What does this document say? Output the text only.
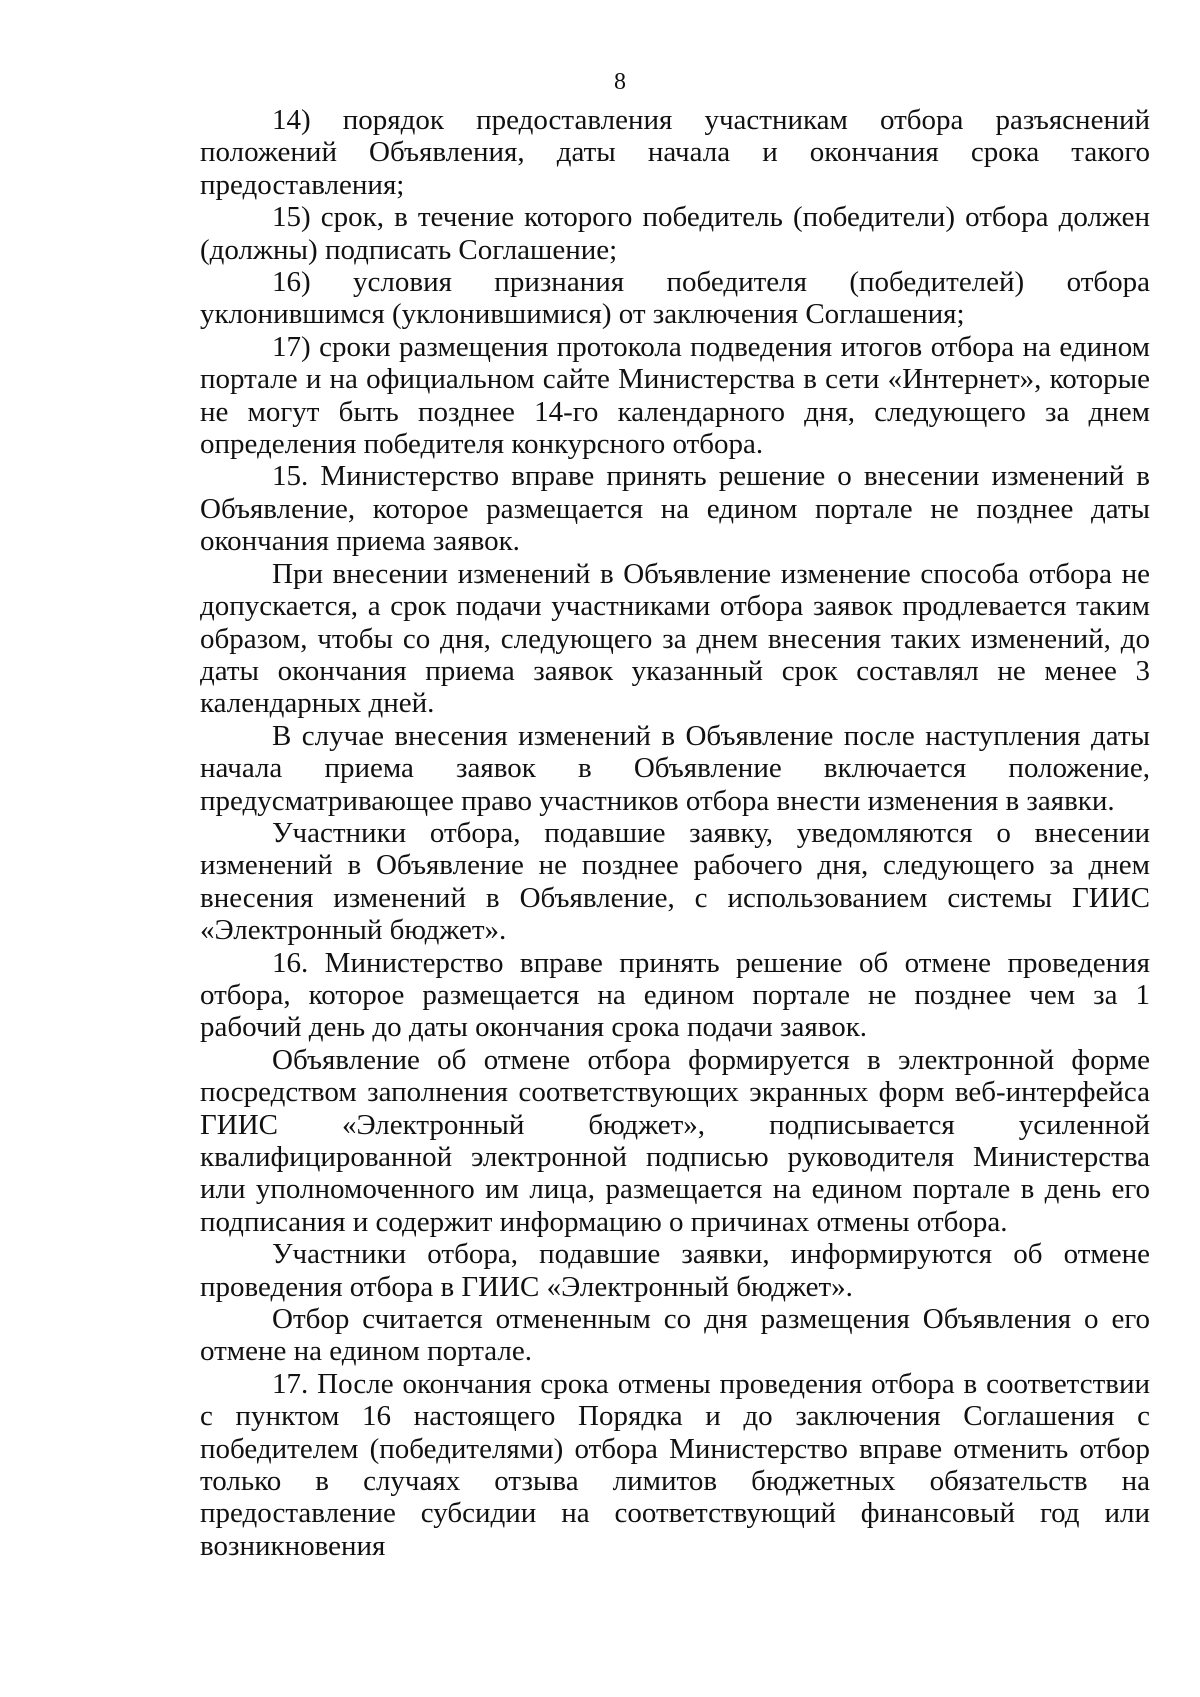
8

14) порядок предоставления участникам отбора разъяснений положений Объявления, даты начала и окончания срока такого предоставления;

15) срок, в течение которого победитель (победители) отбора должен (должны) подписать Соглашение;

16) условия признания победителя (победителей) отбора уклонившимся (уклонившимися) от заключения Соглашения;

17) сроки размещения протокола подведения итогов отбора на едином портале и на официальном сайте Министерства в сети «Интернет», которые не могут быть позднее 14-го календарного дня, следующего за днем определения победителя конкурсного отбора.

15. Министерство вправе принять решение о внесении изменений в Объявление, которое размещается на едином портале не позднее даты окончания приема заявок.

При внесении изменений в Объявление изменение способа отбора не допускается, а срок подачи участниками отбора заявок продлевается таким образом, чтобы со дня, следующего за днем внесения таких изменений, до даты окончания приема заявок указанный срок составлял не менее 3 календарных дней.

В случае внесения изменений в Объявление после наступления даты начала приема заявок в Объявление включается положение, предусматривающее право участников отбора внести изменения в заявки.

Участники отбора, подавшие заявку, уведомляются о внесении изменений в Объявление не позднее рабочего дня, следующего за днем внесения изменений в Объявление, с использованием системы ГИИС «Электронный бюджет».

16. Министерство вправе принять решение об отмене проведения отбора, которое размещается на едином портале не позднее чем за 1 рабочий день до даты окончания срока подачи заявок.

Объявление об отмене отбора формируется в электронной форме посредством заполнения соответствующих экранных форм веб-интерфейса ГИИС «Электронный бюджет», подписывается усиленной квалифицированной электронной подписью руководителя Министерства или уполномоченного им лица, размещается на едином портале в день его подписания и содержит информацию о причинах отмены отбора.

Участники отбора, подавшие заявки, информируются об отмене проведения отбора в ГИИС «Электронный бюджет».

Отбор считается отмененным со дня размещения Объявления о его отмене на едином портале.

17. После окончания срока отмены проведения отбора в соответствии с пунктом 16 настоящего Порядка и до заключения Соглашения с победителем (победителями) отбора Министерство вправе отменить отбор только в случаях отзыва лимитов бюджетных обязательств на предоставление субсидии на соответствующий финансовый год или возникновения
